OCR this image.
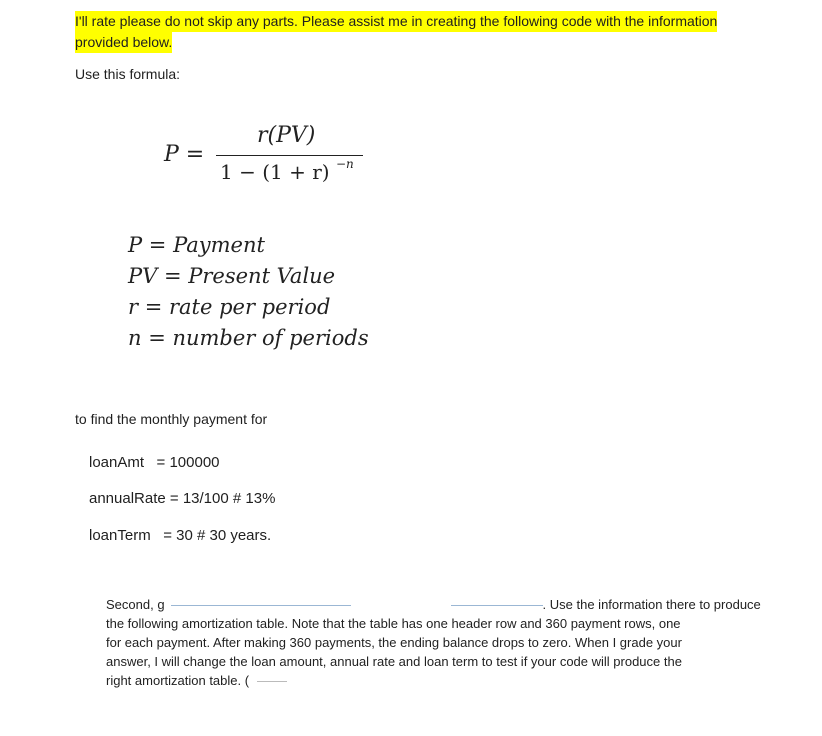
I'll rate please do not skip any parts. Please assist me in creating the following code with the information
provided below.
Use this formula:
P =
r(PV)
1 − (1 + r) −n
P = Payment
PV = Present Value
r = rate per period
n = number of periods
to find the monthly payment for
loanAmt   = 100000
annualRate = 13/100 # 13%
loanTerm   = 30 # 30 years.
Second, g	. Use the information there to produce
the following amortization table. Note that the table has one header row and 360 payment rows, one
for each payment. After making 360 payments, the ending balance drops to zero. When I grade your
answer, I will change the loan amount, annual rate and loan term to test if your code will produce the
right amortization table. (
